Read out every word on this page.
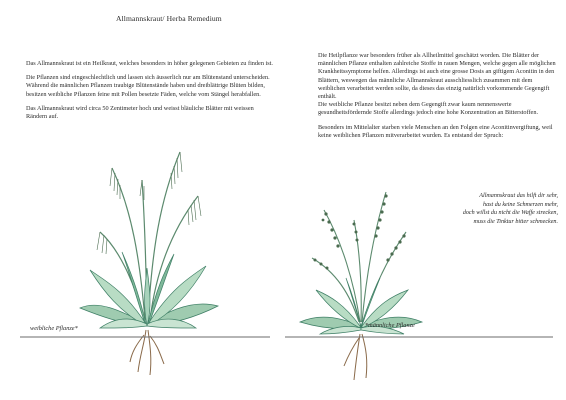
Allmannskraut/ Herba Remedium

Das Allmannskraut ist ein Heilkraut, welches besonders in höher gelegenen Gebieten zu finden ist.

Die Pflanzen sind eingeschlechtlich und lassen sich äusserlich nur am Blütenstand unterscheiden. Während die männlichen Pflanzen traubige Blütenstände haben und dreiblättrige Blüten bilden, besitzen weibliche Pflanzen feine mit Pollen besetzte Fäden, welche vom Stängel herabfallen.

Das Allmannskraut wird circa 50 Zentimeter hoch und weisst bläuliche Blätter mit weissen Rändern auf.

Die Heilpflanze war besonders früher als Allheilmittel geschätzt worden. Die Blätter der männlichen Pflanze enthalten zahlreiche Stoffe in rauen Mengen, welche gegen alle möglichen Krankheitssymptome helfen. Allerdings ist auch eine grosse Dosis an giftigem Aconitin in den Blättern, weswegen das männliche Allmannskraut ausschliesslich zusammen mit dem weiblichen verarbeitet werden sollte, da dieses das einzig natürlich vorkommende Gegengift enthält.

Die weibliche Pflanze besitzt neben dem Gegengift zwar kaum nennenswerte gesundheitsfördernde Stoffe allerdings jedoch eine hohe Konzentration an Bitterstoffen.

Besonders im Mittelalter starben viele Menschen an den Folgen eine Aconitinvergiftung, weil keine weiblichen Pflanzen mitverarbeitet wurden. Es entstand der Spruch:

Allmannskraut das hilft dir sehr,
hast du keine Schmerzen mehr,
doch willst du nicht die Waffe strecken,
muss die Tinktur bitter schmecken.
weibliche Pflanze*	*männliche Pflanze
